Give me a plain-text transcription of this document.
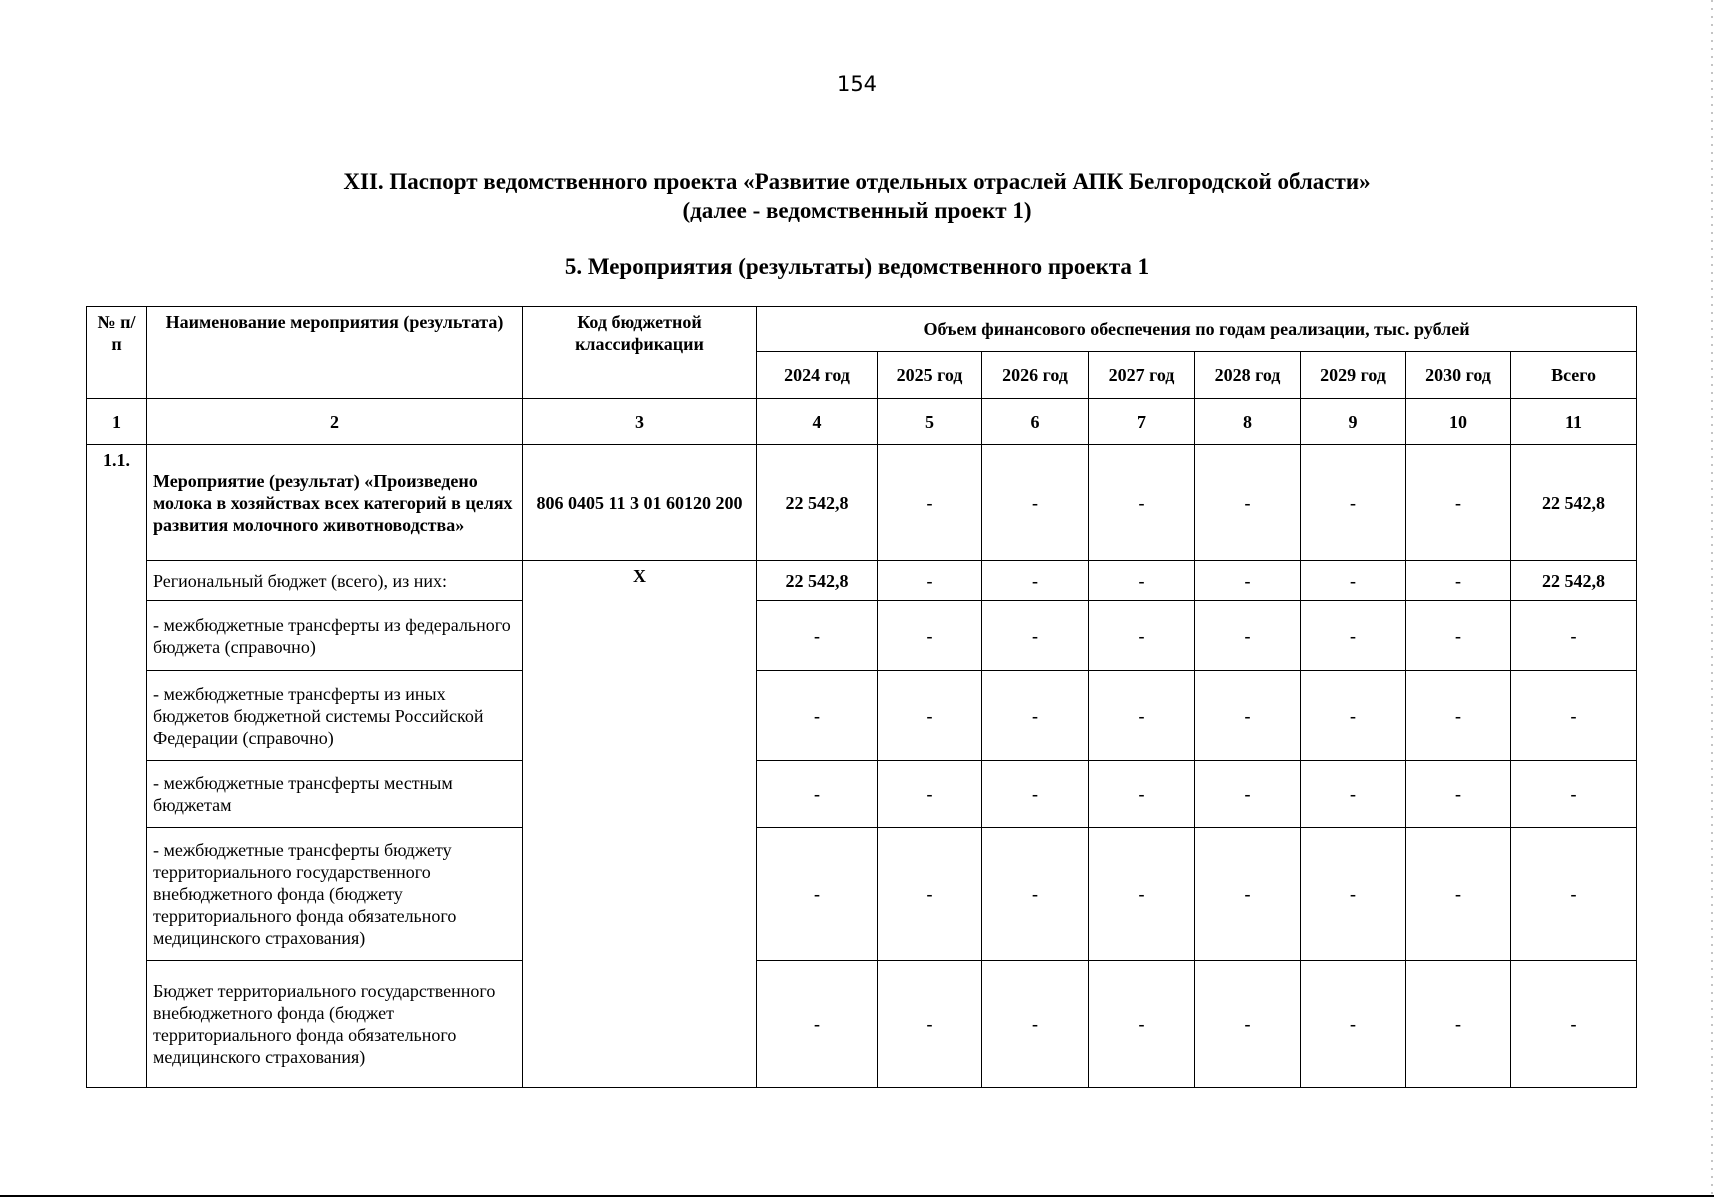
154
XII. Паспорт ведомственного проекта «Развитие отдельных отраслей АПК Белгородской области»
(далее - ведомственный проект 1)
5. Мероприятия (результаты) ведомственного проекта 1
№ п/п	Наименование мероприятия (результата)	Код бюджетной классификации	Объем финансового обеспечения по годам реализации, тыс. рублей							
			2024 год	2025 год	2026 год	2027 год	2028 год	2029 год	2030 год	Всего
1	2	3	4	5	6	7	8	9	10	11
1.1.	Мероприятие (результат) «Произведено молока в хозяйствах всех категорий в целях развития молочного животноводства»	806 0405 11 3 01 60120 200	22 542,8	-	-	-	-	-	-	22 542,8
	Региональный бюджет (всего), из них:	X	22 542,8	-	-	-	-	-	-	22 542,8
	- межбюджетные трансферты из федерального бюджета (справочно)		-	-	-	-	-	-	-	-
	- межбюджетные трансферты из иных бюджетов бюджетной системы Российской Федерации (справочно)		-	-	-	-	-	-	-	-
	- межбюджетные трансферты местным бюджетам		-	-	-	-	-	-	-	-
	- межбюджетные трансферты бюджету территориального государственного внебюджетного фонда (бюджету территориального фонда обязательного медицинского страхования)		-	-	-	-	-	-	-	-
	Бюджет территориального государственного внебюджетного фонда (бюджет территориального фонда обязательного медицинского страхования)		-	-	-	-	-	-	-	-
